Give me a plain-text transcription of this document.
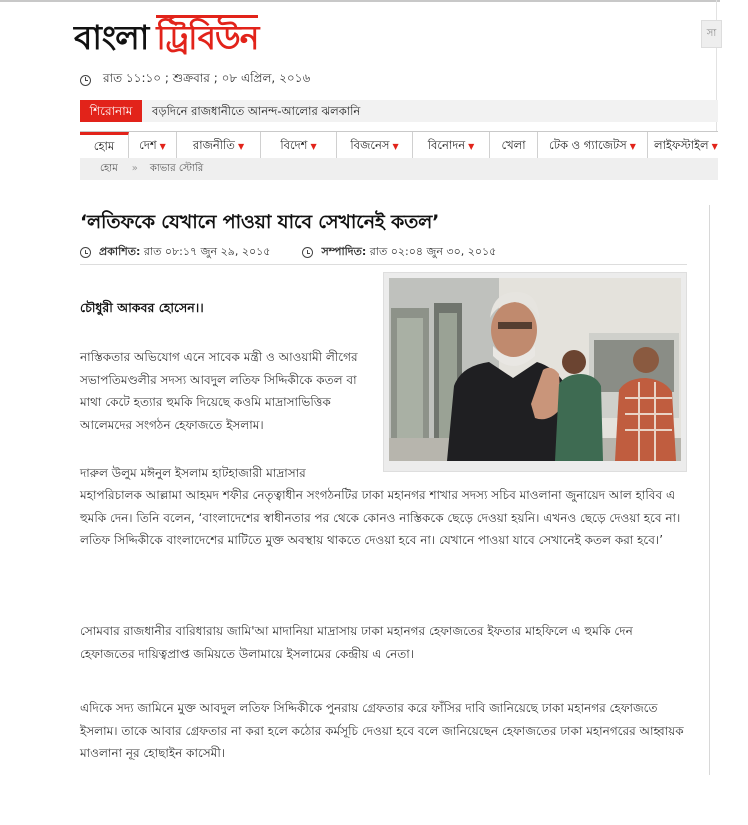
বাংলা ট্রিবিউন	সা
রাত ১১:১০ ; শুক্রবার ; ০৮ এপ্রিল, ২০১৬
শিরোনাম	বড়দিনে রাজধানীতে আনন্দ-আলোর ঝলকানি
হোম	দেশ ▼	রাজনীতি ▼	বিদেশ ▼	বিজনেস ▼	বিনোদন ▼	খেলা	টেক ও গ্যাজেটস ▼	লাইফস্টাইল ▼
হোম » কাভার স্টোরি
‘লতিফকে যেখানে পাওয়া যাবে সেখানেই কতল’
প্রকাশিত:
রাত ০৮:১৭ জুন ২৯, ২০১৫	সম্পাদিত:
রাত ০২:০৪ জুন ৩০, ২০১৫
চৌধুরী আকবর হোসেন।।

নাস্তিকতার অভিযোগ এনে সাবেক মন্ত্রী ও আওয়ামী লীগের সভাপতিমণ্ডলীর সদস্য আবদুল লতিফ সিদ্দিকীকে কতল বা মাথা কেটে হত্যার হুমকি দিয়েছে কওমি মাদ্রাসাভিত্তিক আলেমদের সংগঠন হেফাজতে ইসলাম।

দারুল উলুম মঈনুল ইসলাম হাটহাজারী মাদ্রাসার

মহাপরিচালক আল্লামা আহমদ শফীর নেতৃত্বাধীন সংগঠনটির ঢাকা মহানগর শাখার সদস্য সচিব মাওলানা জুনায়েদ আল হাবিব এ হুমকি দেন। তিনি বলেন, ‘বাংলাদেশের স্বাধীনতার পর থেকে কোনও নাস্তিককে ছেড়ে দেওয়া হয়নি। এখনও ছেড়ে দেওয়া হবে না। লতিফ সিদ্দিকীকে বাংলাদেশের মাটিতে মুক্ত অবস্থায় থাকতে দেওয়া হবে না। যেখানে পাওয়া যাবে সেখানেই কতল করা হবে।’

সোমবার রাজধানীর বারিধারায় জামি'আ মাদানিয়া মাদ্রাসায় ঢাকা মহানগর হেফাজতের ইফতার মাহফিলে এ হুমকি দেন হেফাজতের দায়িত্বপ্রাপ্ত জমিয়তে উলামায়ে ইসলামের কেন্দ্রীয় এ নেতা।

এদিকে সদ্য জামিনে মুক্ত আবদুল লতিফ সিদ্দিকীকে পুনরায় গ্রেফতার করে ফাঁসির দাবি জানিয়েছে ঢাকা মহানগর হেফাজতে ইসলাম। তাকে আবার গ্রেফতার না করা হলে কঠোর কর্মসূচি দেওয়া হবে বলে জানিয়েছেন হেফাজতের ঢাকা মহানগরের আহ্বায়ক মাওলানা নূর হোছাইন কাসেমী।
